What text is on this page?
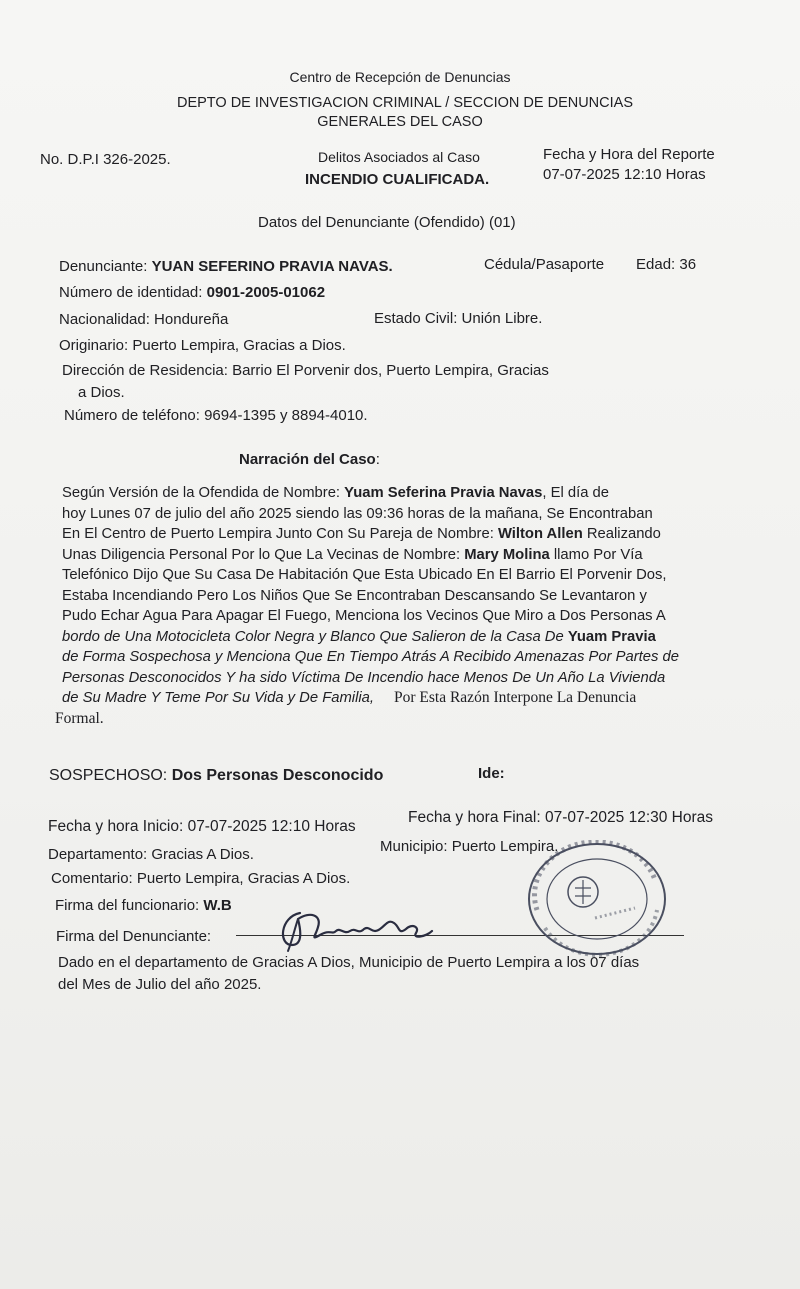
Centro de Recepción de Denuncias
DEPTO DE INVESTIGACION CRIMINAL / SECCION DE DENUNCIAS
GENERALES DEL CASO
No. D.P.I 326-2025.	Delitos Asociados al Caso
INCENDIO CUALIFICADA.
Fecha y Hora del Reporte
07-07-2025 12:10 Horas
Datos del Denunciante (Ofendido) (01)
Denunciante: YUAN SEFERINO PRAVIA NAVAS.	Cédula/Pasaporte Edad: 36
Número de identidad: 0901-2005-01062
Nacionalidad: Hondureña	Estado Civil: Unión Libre.
Originario: Puerto Lempira, Gracias a Dios.
Dirección de Residencia: Barrio El Porvenir dos, Puerto Lempira, Gracias
a Dios.
Número de teléfono: 9694-1395 y 8894-4010.
Narración del Caso:
Según Versión de la Ofendida de Nombre: Yuam Seferina Pravia Navas, El día de
hoy Lunes 07 de julio del año 2025 siendo las 09:36 horas de la mañana, Se Encontraban
En El Centro de Puerto Lempira Junto Con Su Pareja de Nombre: Wilton Allen Realizando
Unas Diligencia Personal Por lo Que La Vecinas de Nombre: Mary Molina llamo Por Vía
Telefónico Dijo Que Su Casa De Habitación Que Esta Ubicado En El Barrio El Porvenir Dos,
Estaba Incendiando Pero Los Niños Que Se Encontraban Descansando Se Levantaron y
Pudo Echar Agua Para Apagar El Fuego, Menciona los Vecinos Que Miro a Dos Personas A
bordo de Una Motocicleta Color Negra y Blanco Que Salieron de la Casa De Yuam Pravia
de Forma Sospechosa y Menciona Que En Tiempo Atrás A Recibido Amenazas Por Partes de
Personas Desconocidos Y ha sido Víctima De Incendio hace Menos De Un Año La Vivienda
de Su Madre Y Teme Por Su Vida y De Familia, Por Esta Razón Interpone La Denuncia
Formal.
SOSPECHOSO: Dos Personas Desconocido	Ide:
Fecha y hora Inicio: 07-07-2025 12:10 Horas
Fecha y hora Final: 07-07-2025 12:30 Horas
Departamento: Gracias A Dios.	Municipio: Puerto Lempira.
Comentario: Puerto Lempira, Gracias A Dios.
Firma del funcionario: W.B
Firma del Denunciante:
Dado en el departamento de Gracias A Dios, Municipio de Puerto Lempira a los 07 días
del Mes de Julio del año 2025.
